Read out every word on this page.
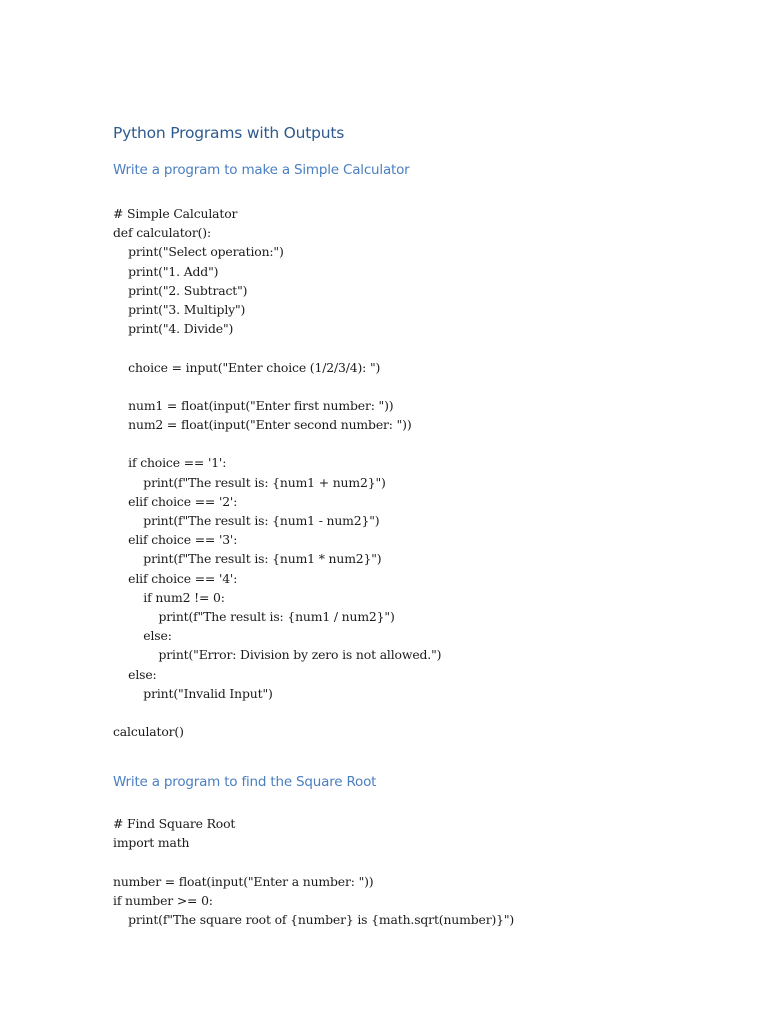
Python Programs with Outputs
Write a program to make a Simple Calculator
# Simple Calculator
def calculator():
print("Select operation:")
print("1. Add")
print("2. Subtract")
print("3. Multiply")
print("4. Divide")
choice = input("Enter choice (1/2/3/4): ")
num1 = float(input("Enter first number: "))
num2 = float(input("Enter second number: "))
if choice == '1':
print(f"The result is: {num1 + num2}")
elif choice == '2':
print(f"The result is: {num1 - num2}")
elif choice == '3':
print(f"The result is: {num1 * num2}")
elif choice == '4':
if num2 != 0:
print(f"The result is: {num1 / num2}")
else:
print("Error: Division by zero is not allowed.")
else:
print("Invalid Input")
calculator()
Write a program to find the Square Root
# Find Square Root
import math
number = float(input("Enter a number: "))
if number >= 0:
print(f"The square root of {number} is {math.sqrt(number)}")
